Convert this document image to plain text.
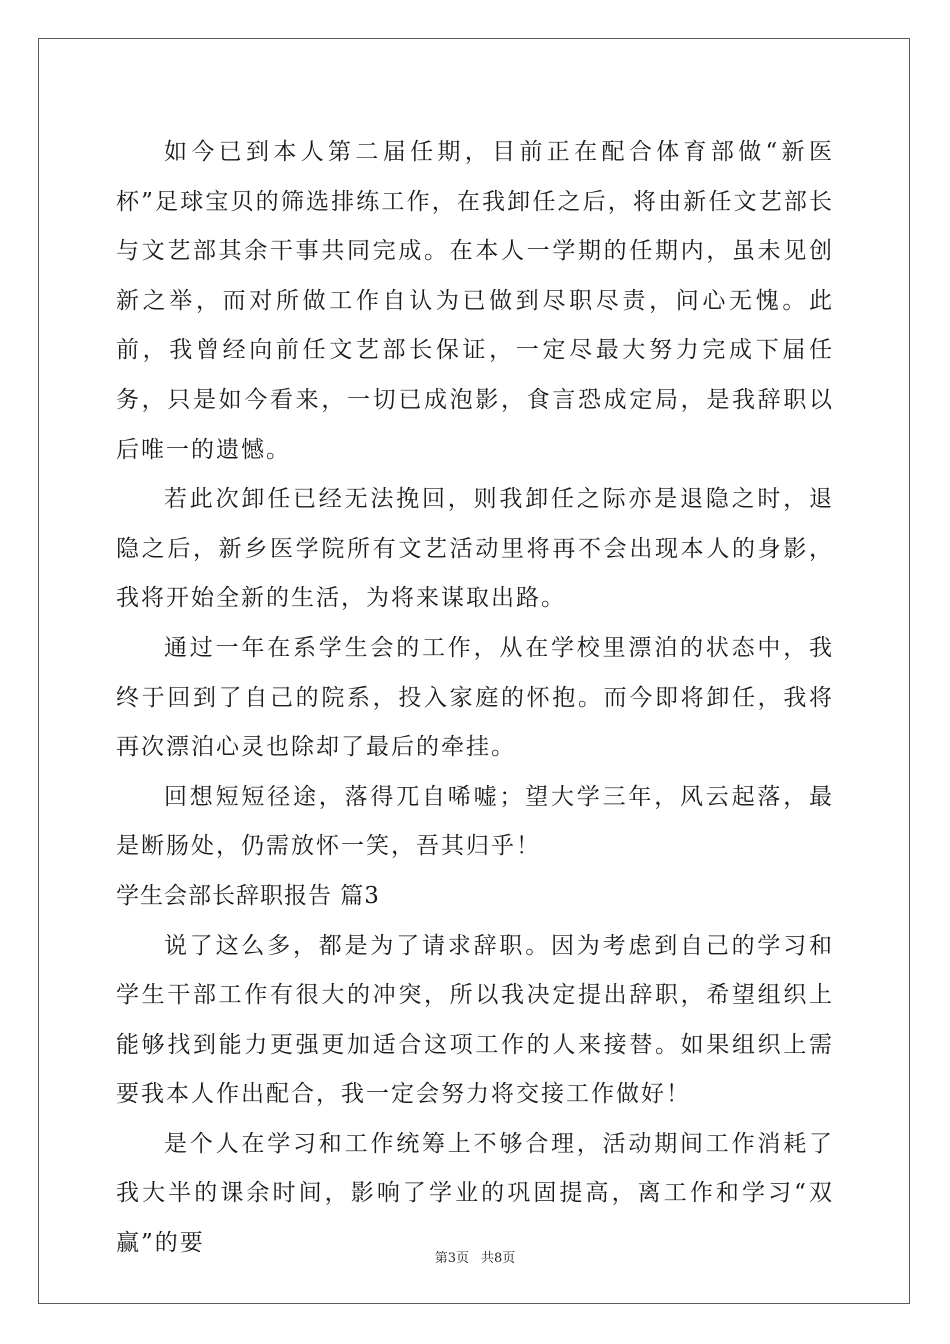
如今已到本人第二届任期，目前正在配合体育部做“新医杯”足球宝贝的筛选排练工作，在我卸任之后，将由新任文艺部长与文艺部其余干事共同完成。在本人一学期的任期内，虽未见创新之举，而对所做工作自认为已做到尽职尽责，问心无愧。此前，我曾经向前任文艺部长保证，一定尽最大努力完成下届任务，只是如今看来，一切已成泡影，食言恐成定局，是我辞职以后唯一的遗憾。

若此次卸任已经无法挽回，则我卸任之际亦是退隐之时，退隐之后，新乡医学院所有文艺活动里将再不会出现本人的身影，我将开始全新的生活，为将来谋取出路。

通过一年在系学生会的工作，从在学校里漂泊的状态中，我终于回到了自己的院系，投入家庭的怀抱。而今即将卸任，我将再次漂泊心灵也除却了最后的牵挂。

回想短短径途，落得兀自唏嘘；望大学三年，风云起落，最是断肠处，仍需放怀一笑，吾其归乎！

学生会部长辞职报告 篇3

说了这么多，都是为了请求辞职。因为考虑到自己的学习和学生干部工作有很大的冲突，所以我决定提出辞职，希望组织上能够找到能力更强更加适合这项工作的人来接替。如果组织上需要我本人作出配合，我一定会努力将交接工作做好！

是个人在学习和工作统筹上不够合理，活动期间工作消耗了我大半的课余时间，影响了学业的巩固提高，离工作和学习“双赢”的要

第3页 共8页
